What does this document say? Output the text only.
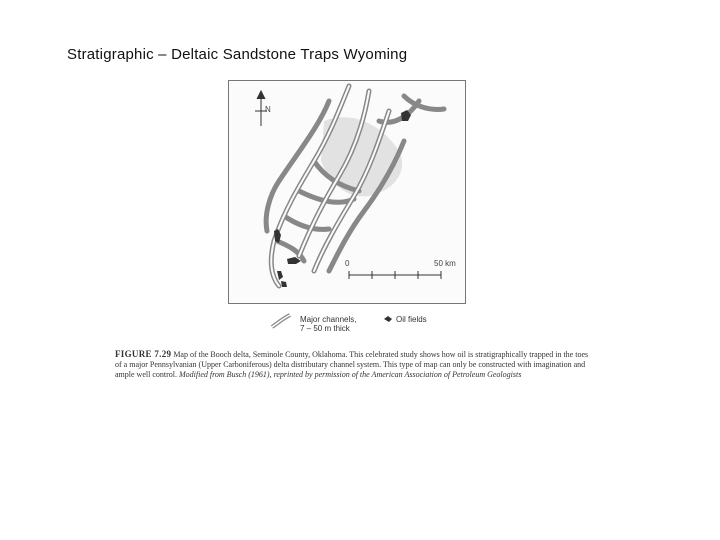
Stratigraphic – Deltaic Sandstone Traps Wyoming
N
0	50 km
Major channels,
7 – 50 m thick
Oil fields
FIGURE 7.29 Map of the Booch delta, Seminole County, Oklahoma. This celebrated study shows how oil is stratigraphically trapped in the toes of a major Pennsylvanian (Upper Carboniferous) delta distributary channel system. This type of map can only be constructed with imagination and ample well control. Modified from Busch (1961), reprinted by permission of the American Association of Petroleum Geologists
